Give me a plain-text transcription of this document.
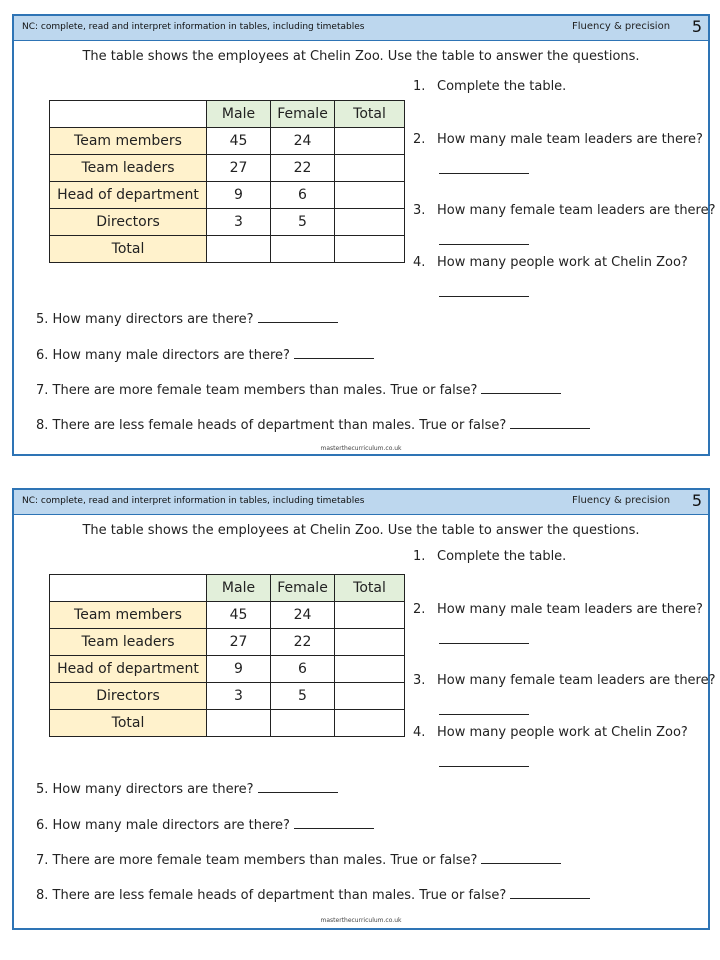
NC: complete, read and interpret information in tables, including timetables	Fluency & precision 5
The table shows the employees at Chelin Zoo. Use the table to answer the questions.
	Male	Female	Total
Team members	45	24	
Team leaders	27	22	
Head of department	9	6	
Directors	3	5	
Total			
1. Complete the table.
2. How many male team leaders are there?
3. How many female team leaders are there?
4. How many people work at Chelin Zoo?
5. How many directors are there?
6. How many male directors are there?
7. There are more female team members than males. True or false?
8. There are less female heads of department than males. True or false?
masterthecurriculum.co.uk
NC: complete, read and interpret information in tables, including timetables	Fluency & precision 5
The table shows the employees at Chelin Zoo. Use the table to answer the questions.
	Male	Female	Total
Team members	45	24	
Team leaders	27	22	
Head of department	9	6	
Directors	3	5	
Total			
1. Complete the table.
2. How many male team leaders are there?
3. How many female team leaders are there?
4. How many people work at Chelin Zoo?
5. How many directors are there?
6. How many male directors are there?
7. There are more female team members than males. True or false?
8. There are less female heads of department than males. True or false?
masterthecurriculum.co.uk
